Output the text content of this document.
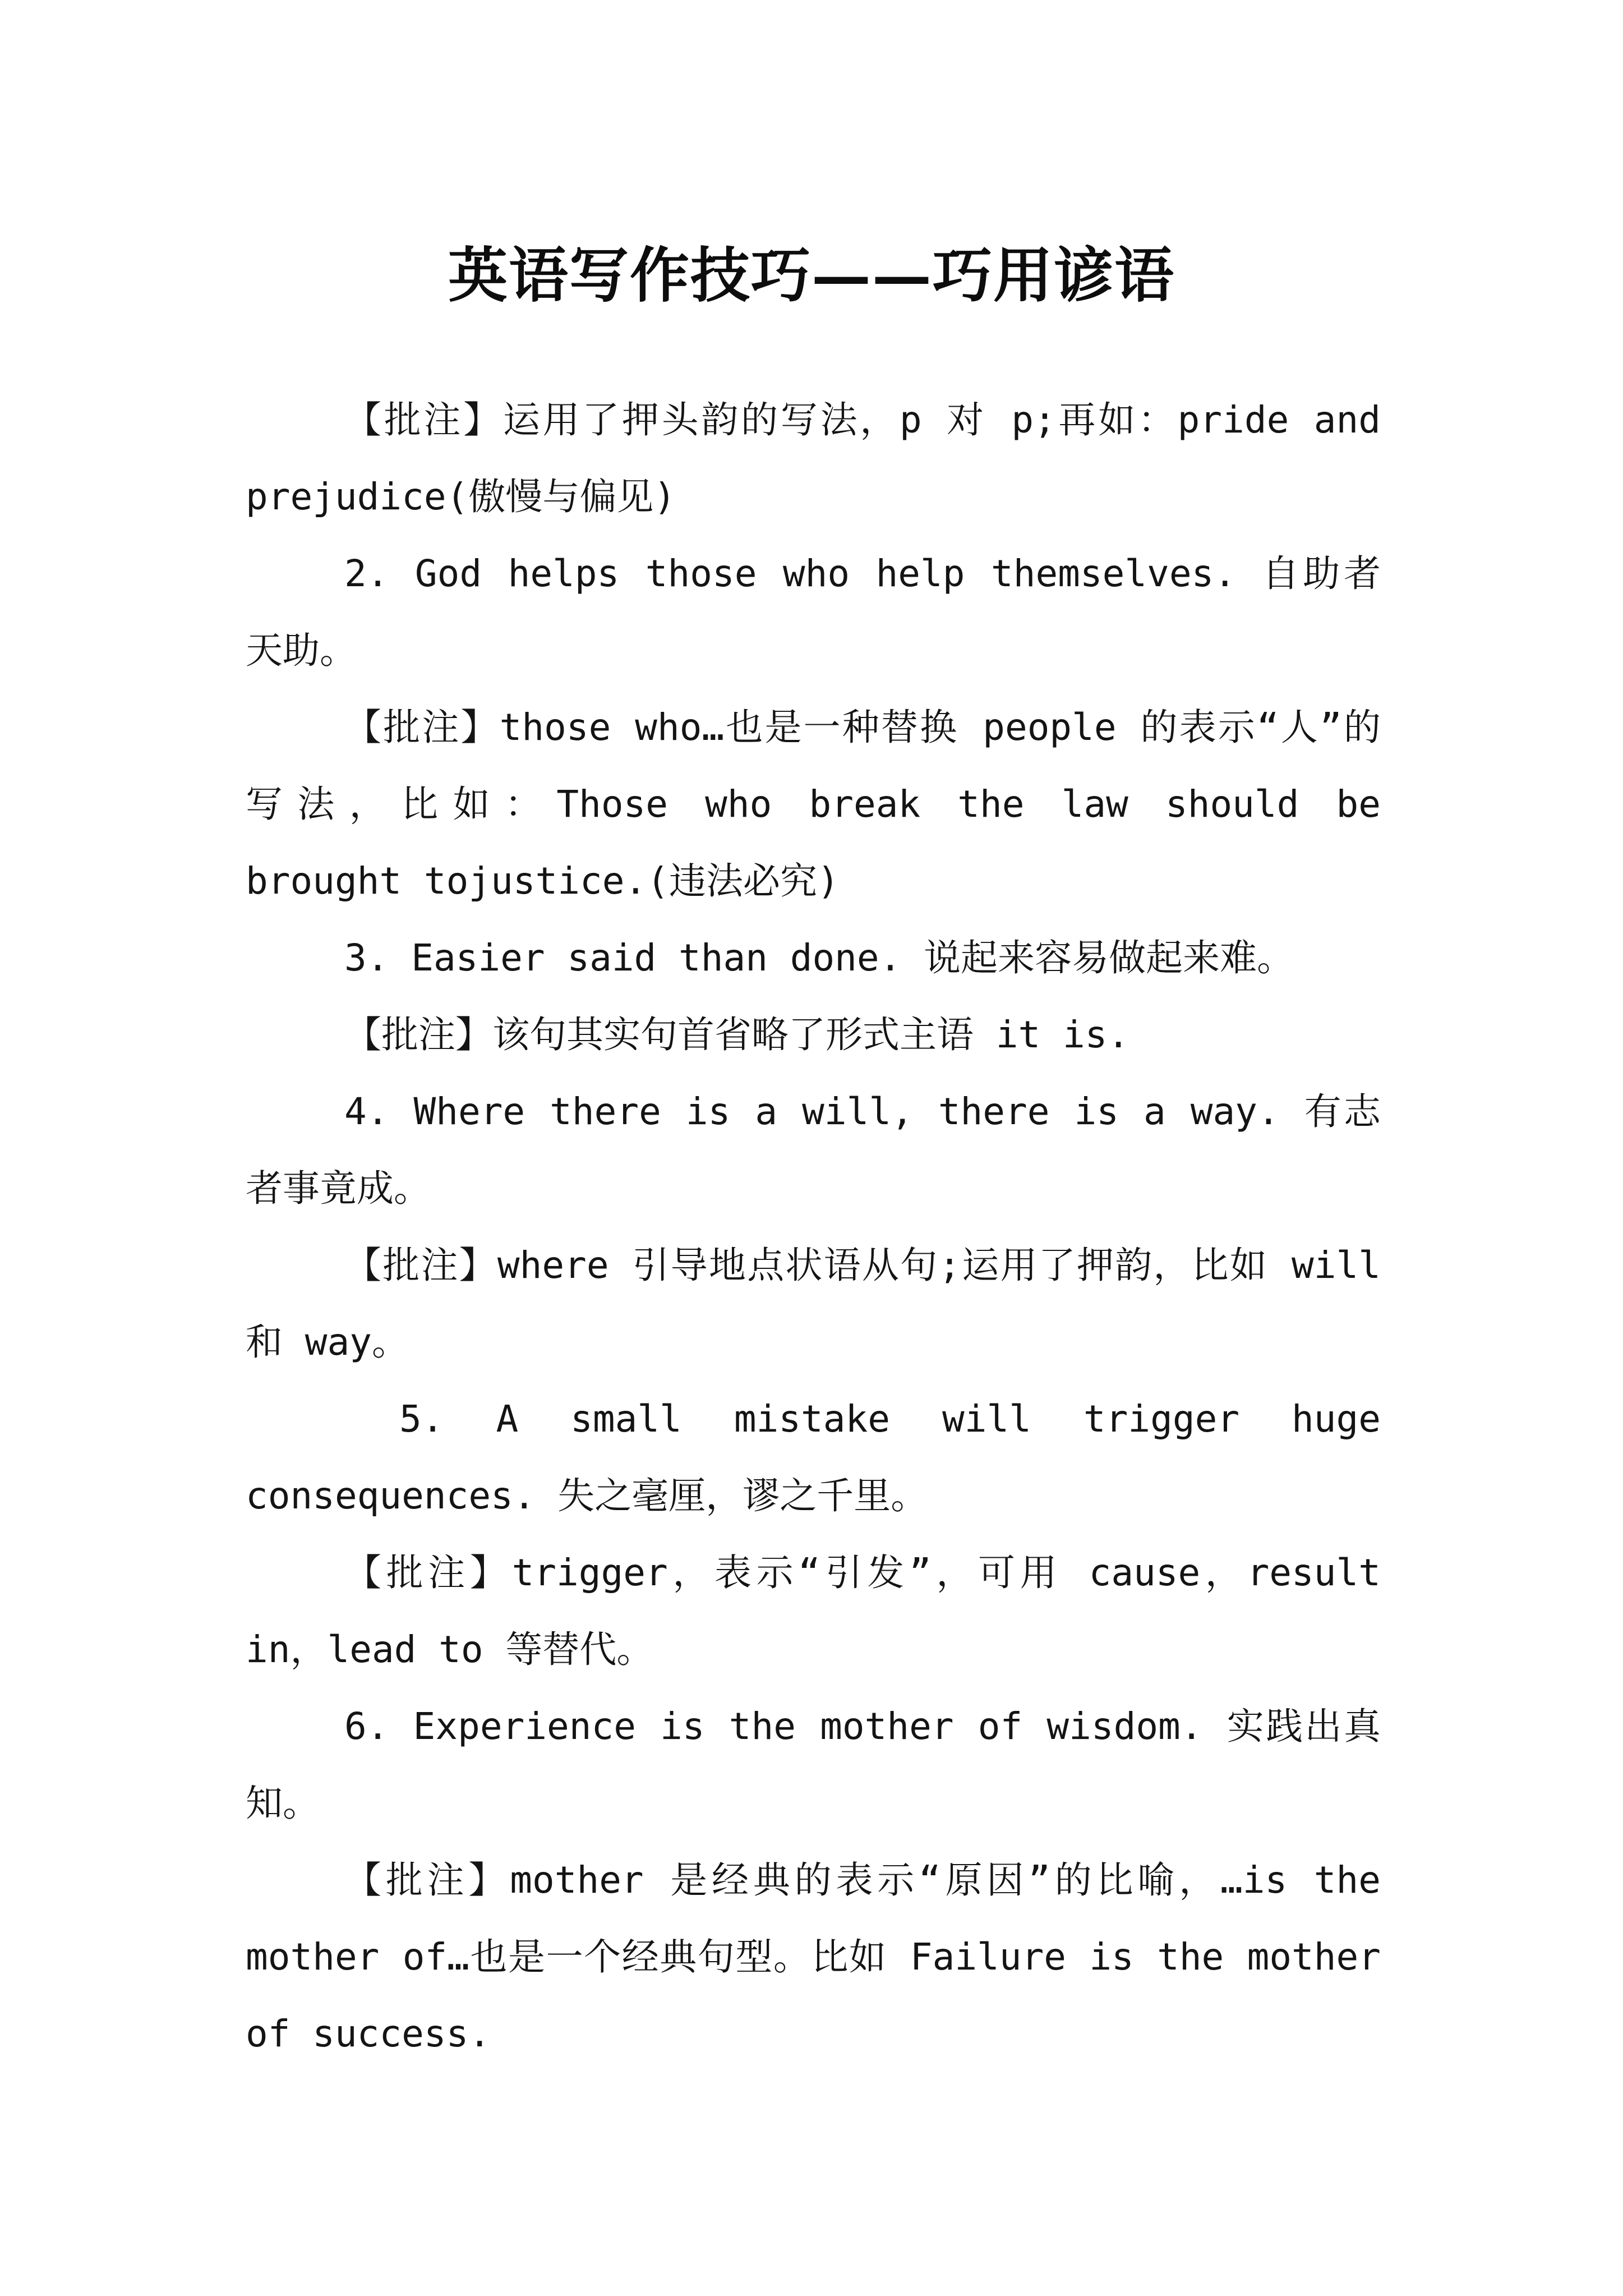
英语写作技巧——巧用谚语

【批注】运用了押头韵的写法，p 对 p;再如：pride and prejudice(傲慢与偏见)

2. God helps those who help themselves. 自助者天助。

【批注】those who…也是一种替换 people 的表示“人”的写法，比如：Those who break the law should be brought tojustice.(违法必究)

3. Easier said than done. 说起来容易做起来难。

【批注】该句其实句首省略了形式主语 it is.

4. Where there is a will, there is a way. 有志者事竟成。

【批注】where 引导地点状语从句;运用了押韵，比如 will 和 way。

5. A small mistake will trigger huge consequences. 失之毫厘，谬之千里。

【批注】trigger，表示“引发”，可用 cause，result in，lead to 等替代。

6. Experience is the mother of wisdom. 实践出真知。

【批注】mother 是经典的表示“原因”的比喻，…is the mother of…也是一个经典句型。比如 Failure is the mother of success.
